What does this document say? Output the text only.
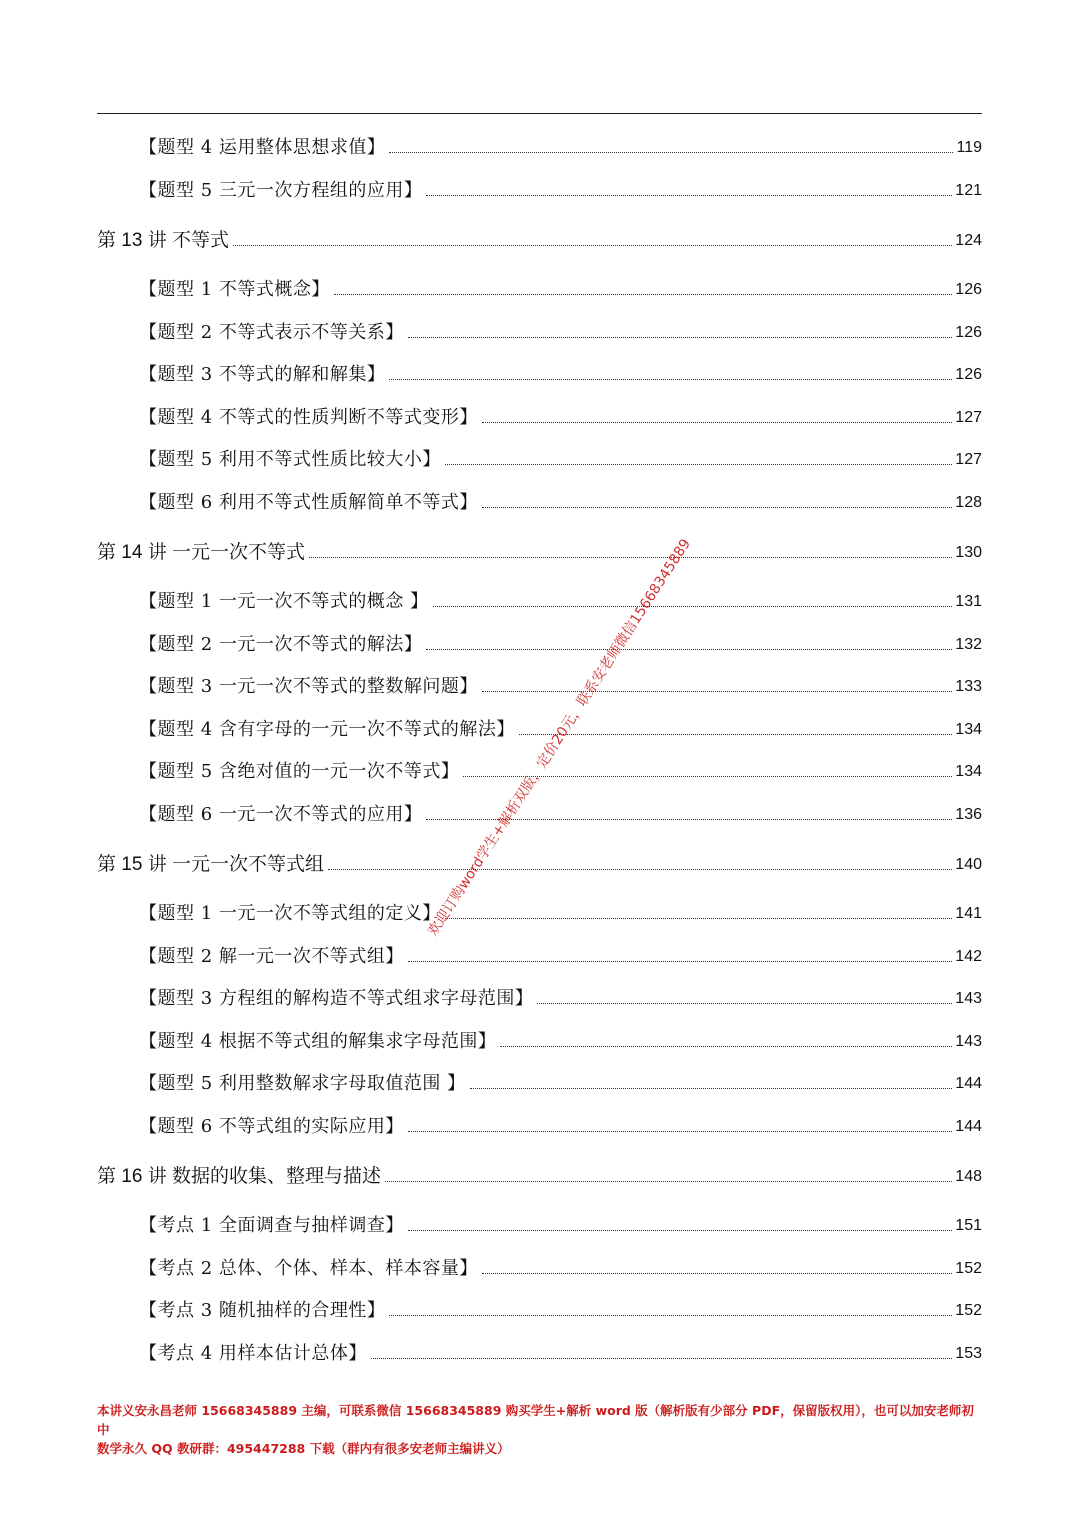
【题型 4 运用整体思想求值】	119
【题型 5 三元一次方程组的应用】	121
第 13 讲 不等式	124
【题型 1 不等式概念】	126
【题型 2 不等式表示不等关系】	126
【题型 3 不等式的解和解集】	126
【题型 4 不等式的性质判断不等式变形】	127
【题型 5 利用不等式性质比较大小】	127
【题型 6 利用不等式性质解简单不等式】	128
第 14 讲 一元一次不等式	130
【题型 1 一元一次不等式的概念 】	131
【题型 2 一元一次不等式的解法】	132
【题型 3 一元一次不等式的整数解问题】	133
【题型 4 含有字母的一元一次不等式的解法】	134
【题型 5 含绝对值的一元一次不等式】	134
【题型 6 一元一次不等式的应用】	136
第 15 讲 一元一次不等式组	140
【题型 1 一元一次不等式组的定义】	141
【题型 2 解一元一次不等式组】	142
【题型 3 方程组的解构造不等式组求字母范围】	143
【题型 4 根据不等式组的解集求字母范围】	143
【题型 5 利用整数解求字母取值范围 】	144
【题型 6 不等式组的实际应用】	144
第 16 讲 数据的收集、整理与描述	148
【考点 1 全面调查与抽样调查】	151
【考点 2 总体、个体、样本、样本容量】	152
【考点 3 随机抽样的合理性】	152
【考点 4 用样本估计总体】	153
本讲义安永昌老师 15668345889 主编，可联系微信 15668345889 购买学生+解析 word 版（解析版有少部分 PDF，保留版权用），也可以加安老师初中
数学永久 QQ 教研群：495447288 下载（群内有很多安老师主编讲义）
欢迎订购word学生+解析双版，定价20元，联系安老师微信15668345889
